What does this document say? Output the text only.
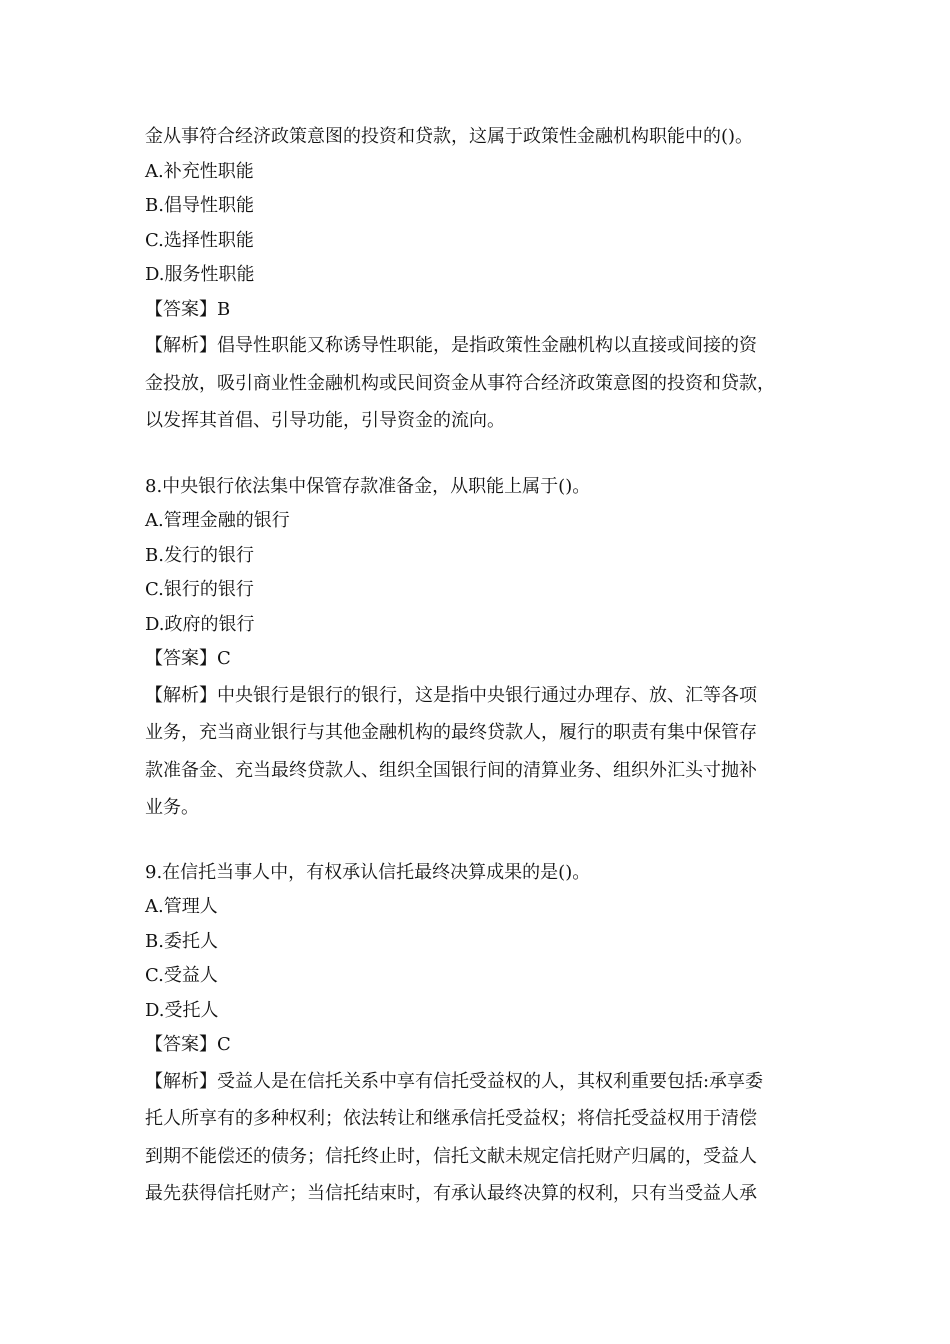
金从事符合经济政策意图的投资和贷款，这属于政策性金融机构职能中的()。
A.补充性职能
B.倡导性职能
C.选择性职能
D.服务性职能
【答案】B
【解析】倡导性职能又称诱导性职能，是指政策性金融机构以直接或间接的资
金投放，吸引商业性金融机构或民间资金从事符合经济政策意图的投资和贷款，
以发挥其首倡、引导功能，引导资金的流向。
8.中央银行依法集中保管存款准备金，从职能上属于()。
A.管理金融的银行
B.发行的银行
C.银行的银行
D.政府的银行
【答案】C
【解析】中央银行是银行的银行，这是指中央银行通过办理存、放、汇等各项
业务，充当商业银行与其他金融机构的最终贷款人，履行的职责有集中保管存
款准备金、充当最终贷款人、组织全国银行间的清算业务、组织外汇头寸抛补
业务。
9.在信托当事人中，有权承认信托最终决算成果的是()。
A.管理人
B.委托人
C.受益人
D.受托人
【答案】C
【解析】受益人是在信托关系中享有信托受益权的人，其权利重要包括:承享委
托人所享有的多种权利；依法转让和继承信托受益权；将信托受益权用于清偿
到期不能偿还的债务；信托终止时，信托文献未规定信托财产归属的，受益人
最先获得信托财产；当信托结束时，有承认最终决算的权利，只有当受益人承
